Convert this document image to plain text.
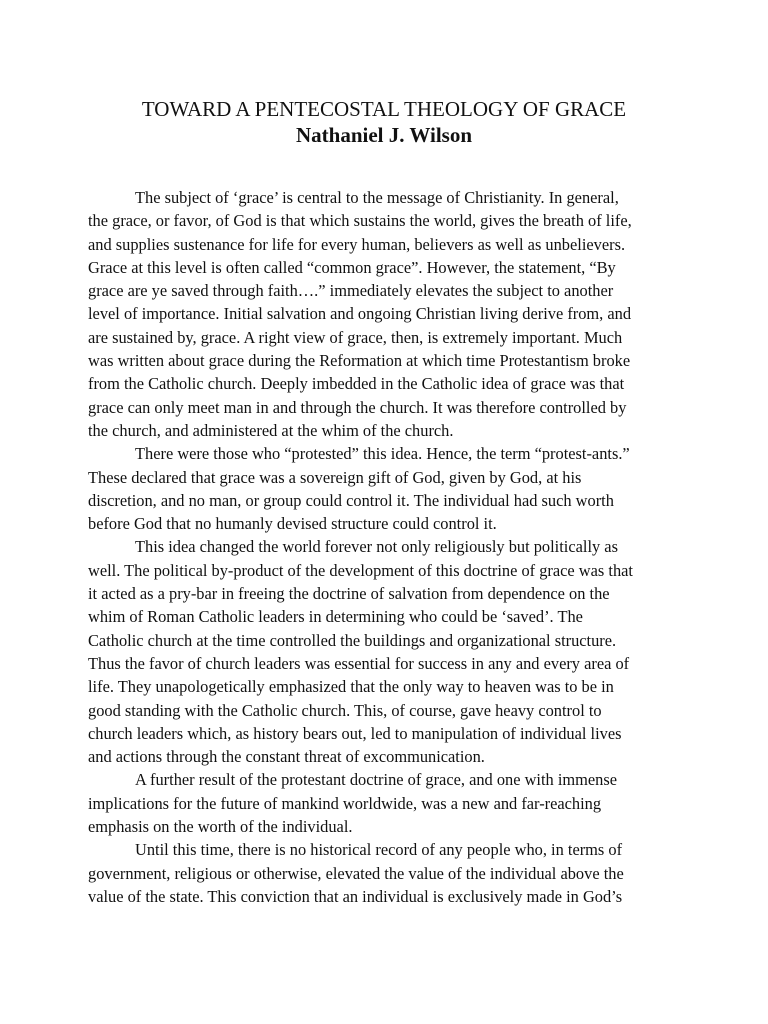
TOWARD A PENTECOSTAL THEOLOGY OF GRACE
Nathaniel J. Wilson

The subject of ‘grace’ is central to the message of Christianity. In general,

the grace, or favor, of God is that which sustains the world, gives the breath of life,

and supplies sustenance for life for every human, believers as well as unbelievers.

Grace at this level is often called “common grace”. However, the statement, “By

grace are ye saved through faith….” immediately elevates the subject to another

level of importance. Initial salvation and ongoing Christian living derive from, and

are sustained by, grace. A right view of grace, then, is extremely important. Much

was written about grace during the Reformation at which time Protestantism broke

from the Catholic church. Deeply imbedded in the Catholic idea of grace was that

grace can only meet man in and through the church. It was therefore controlled by

the church, and administered at the whim of the church.

There were those who “protested” this idea. Hence, the term “protest-ants.”

These declared that grace was a sovereign gift of God, given by God, at his

discretion, and no man, or group could control it. The individual had such worth

before God that no humanly devised structure could control it.

This idea changed the world forever not only religiously but politically as

well. The political by-product of the development of this doctrine of grace was that

it acted as a pry-bar in freeing the doctrine of salvation from dependence on the

whim of Roman Catholic leaders in determining who could be ‘saved’. The

Catholic church at the time controlled the buildings and organizational structure.

Thus the favor of church leaders was essential for success in any and every area of

life. They unapologetically emphasized that the only way to heaven was to be in

good standing with the Catholic church. This, of course, gave heavy control to

church leaders which, as history bears out, led to manipulation of individual lives

and actions through the constant threat of excommunication.

A further result of the protestant doctrine of grace, and one with immense

implications for the future of mankind worldwide, was a new and far-reaching

emphasis on the worth of the individual.

Until this time, there is no historical record of any people who, in terms of

government, religious or otherwise, elevated the value of the individual above the

value of the state. This conviction that an individual is exclusively made in God’s
